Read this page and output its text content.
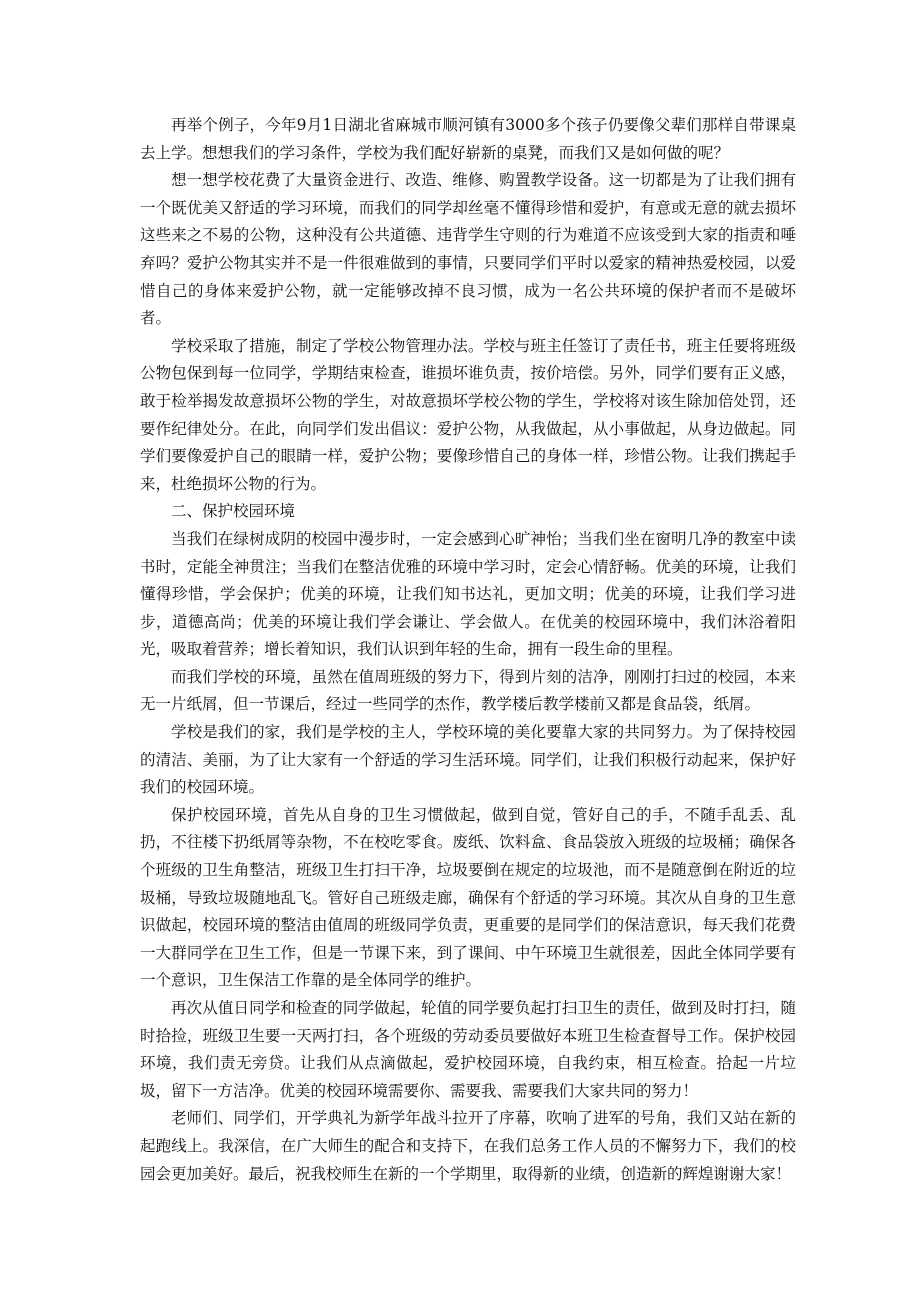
再举个例子，今年9月1日湖北省麻城市顺河镇有3000多个孩子仍要像父辈们那样自带课桌去上学。想想我们的学习条件，学校为我们配好崭新的桌凳，而我们又是如何做的呢？

想一想学校花费了大量资金进行、改造、维修、购置教学设备。这一切都是为了让我们拥有一个既优美又舒适的学习环境，而我们的同学却丝毫不懂得珍惜和爱护，有意或无意的就去损坏这些来之不易的公物，这种没有公共道德、违背学生守则的行为难道不应该受到大家的指责和唾弃吗？爱护公物其实并不是一件很难做到的事情，只要同学们平时以爱家的精神热爱校园，以爱惜自己的身体来爱护公物，就一定能够改掉不良习惯，成为一名公共环境的保护者而不是破坏者。

学校采取了措施，制定了学校公物管理办法。学校与班主任签订了责任书，班主任要将班级公物包保到每一位同学，学期结束检查，谁损坏谁负责，按价培偿。另外，同学们要有正义感，敢于检举揭发故意损坏公物的学生，对故意损坏学校公物的学生，学校将对该生除加倍处罚，还要作纪律处分。在此，向同学们发出倡议：爱护公物，从我做起，从小事做起，从身边做起。同学们要像爱护自己的眼睛一样，爱护公物；要像珍惜自己的身体一样，珍惜公物。让我们携起手来，杜绝损坏公物的行为。

二、保护校园环境

当我们在绿树成阴的校园中漫步时，一定会感到心旷神怡；当我们坐在窗明几净的教室中读书时，定能全神贯注；当我们在整洁优雅的环境中学习时，定会心情舒畅。优美的环境，让我们懂得珍惜，学会保护；优美的环境，让我们知书达礼，更加文明；优美的环境，让我们学习进步，道德高尚；优美的环境让我们学会谦让、学会做人。在优美的校园环境中，我们沐浴着阳光，吸取着营养；增长着知识，我们认识到年轻的生命，拥有一段生命的里程。

而我们学校的环境，虽然在值周班级的努力下，得到片刻的洁净，刚刚打扫过的校园，本来无一片纸屑，但一节课后，经过一些同学的杰作，教学楼后教学楼前又都是食品袋，纸屑。

学校是我们的家，我们是学校的主人，学校环境的美化要靠大家的共同努力。为了保持校园的清洁、美丽，为了让大家有一个舒适的学习生活环境。同学们，让我们积极行动起来，保护好我们的校园环境。

保护校园环境，首先从自身的卫生习惯做起，做到自觉，管好自己的手，不随手乱丢、乱扔，不往楼下扔纸屑等杂物，不在校吃零食。废纸、饮料盒、食品袋放入班级的垃圾桶；确保各个班级的卫生角整洁，班级卫生打扫干净，垃圾要倒在规定的垃圾池，而不是随意倒在附近的垃圾桶，导致垃圾随地乱飞。管好自己班级走廊，确保有个舒适的学习环境。其次从自身的卫生意识做起，校园环境的整洁由值周的班级同学负责，更重要的是同学们的保洁意识，每天我们花费一大群同学在卫生工作，但是一节课下来，到了课间、中午环境卫生就很差，因此全体同学要有一个意识，卫生保洁工作靠的是全体同学的维护。

再次从值日同学和检查的同学做起，轮值的同学要负起打扫卫生的责任，做到及时打扫，随时拾捡，班级卫生要一天两打扫，各个班级的劳动委员要做好本班卫生检查督导工作。保护校园环境，我们责无旁贷。让我们从点滴做起，爱护校园环境，自我约束，相互检查。拾起一片垃圾，留下一方洁净。优美的校园环境需要你、需要我、需要我们大家共同的努力！

老师们、同学们，开学典礼为新学年战斗拉开了序幕，吹响了进军的号角，我们又站在新的起跑线上。我深信，在广大师生的配合和支持下，在我们总务工作人员的不懈努力下，我们的校园会更加美好。最后，祝我校师生在新的一个学期里，取得新的业绩，创造新的辉煌谢谢大家！
